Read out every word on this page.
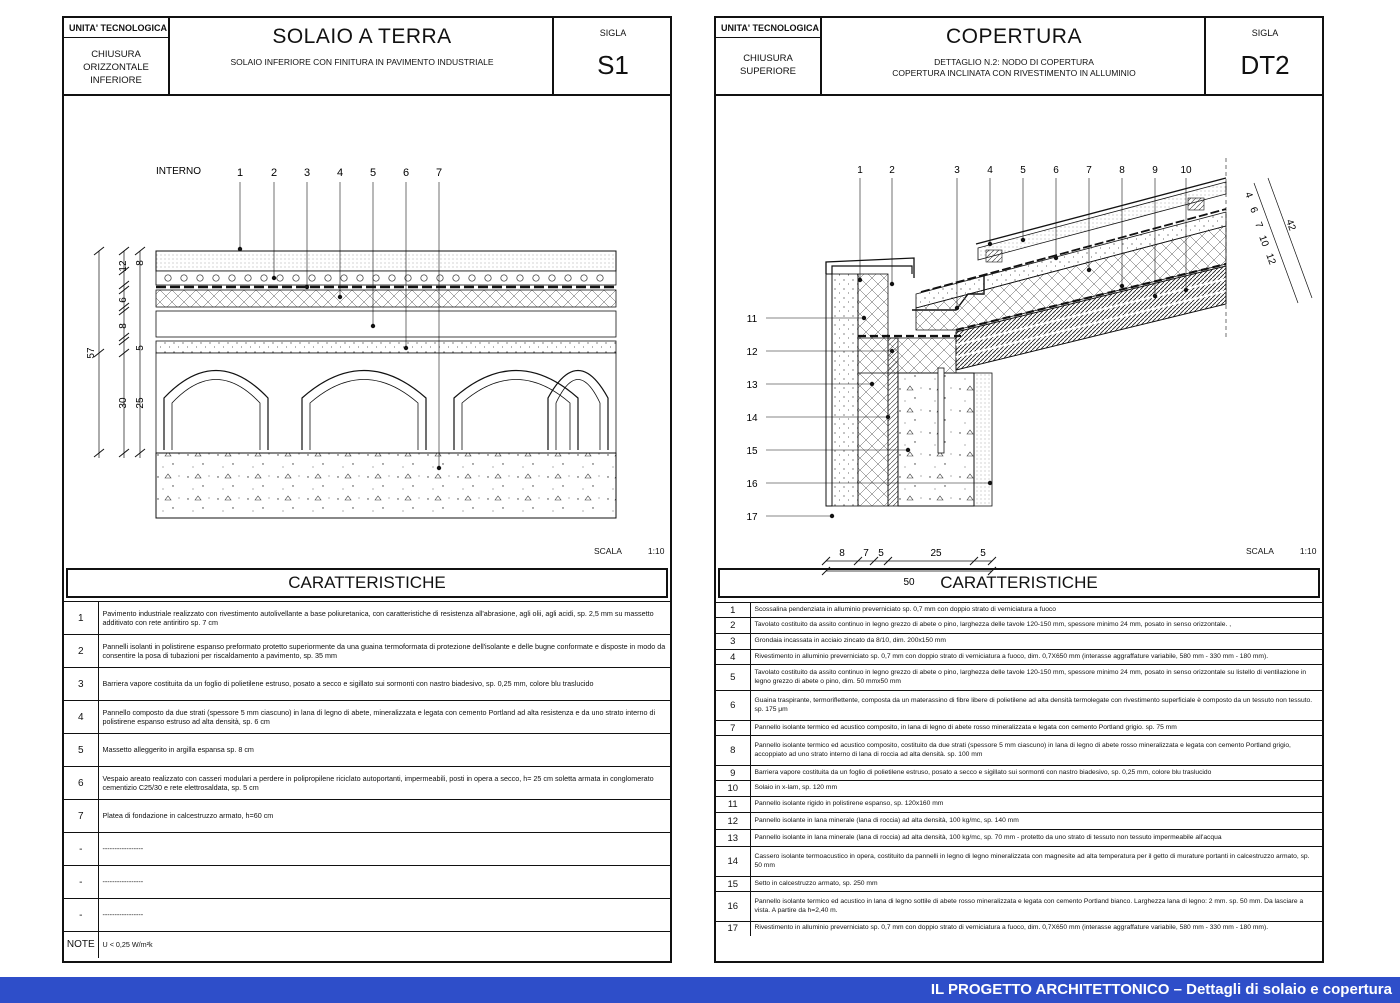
UNITA' TECNOLOGICA
CHIUSURA ORIZZONTALE INFERIORE
SOLAIO A TERRA
SOLAIO INFERIORE CON FINITURA IN PAVIMENTO INDUSTRIALE
SIGLA
S1
12 8
6
8
5
30 25
57
INTERNO	1	2 3 4 5 6 7
SCALA	1:10
CARATTERISTICHE
1	Pavimento industriale realizzato con rivestimento autolivellante a base poliuretanica, con caratteristiche di resistenza all'abrasione, agli olii, agli acidi, sp. 2,5 mm su massetto additivato con rete antiritiro sp. 7 cm
2	Pannelli isolanti in polistirene espanso preformato protetto superiormente da una guaina termoformata di protezione dell'isolante e delle bugne conformate e disposte in modo da consentire la posa di tubazioni per riscaldamento a pavimento, sp. 35 mm
3	Barriera vapore costituita da un foglio di polietilene estruso, posato a secco e sigillato sui sormonti con nastro biadesivo, sp. 0,25 mm, colore blu traslucido
4	Pannello composto da due strati (spessore 5 mm ciascuno) in lana di legno di abete, mineralizzata e legata con cemento Portland ad alta resistenza e da uno strato interno di polistirene espanso estruso ad alta densità, sp. 6 cm
5	Massetto alleggerito in argilla espansa sp. 8 cm
6	Vespaio areato realizzato con casseri modulari a perdere in polipropilene riciclato autoportanti, impermeabili, posti in opera a secco, h= 25 cm soletta armata in conglomerato cementizio C25/30 e rete elettrosaldata, sp. 5 cm
7	Platea di fondazione in calcestruzzo armato, h=60 cm
-	-----------------
-	-----------------
-	-----------------
NOTE	U < 0,25 W/m²k
UNITA' TECNOLOGICA
CHIUSURA SUPERIORE
COPERTURA
DETTAGLIO N.2: NODO DI COPERTURA
COPERTURA INCLINATA CON RIVESTIMENTO IN ALLUMINIO
SIGLA
DT2
8 7 5	25	5
50
4
6
7
10
12
42
1	2	3	4	5	6	7	8	9 10
11
12
13
14
15
16
17
SCALA	1:10
CARATTERISTICHE
1	Scossalina pendenziata in alluminio preverniciato sp. 0,7 mm con doppio strato di verniciatura a fuoco
2	Tavolato costituito da assito continuo in legno grezzo di abete o pino, larghezza delle tavole 120-150 mm, spessore minimo 24 mm, posato in senso orizzontale. ,
3	Grondaia incassata in acciaio zincato da 8/10, dim. 200x150 mm
4	Rivestimento in alluminio preverniciato sp. 0,7 mm con doppio strato di verniciatura a fuoco, dim. 0,7X650 mm (interasse aggraffature variabile, 580 mm - 330 mm - 180 mm).
5	Tavolato costituito da assito continuo in legno grezzo di abete o pino, larghezza delle tavole 120-150 mm, spessore minimo 24 mm, posato in senso orizzontale su listello di ventilazione in legno grezzo di abete o pino, dim. 50 mmx50 mm
6	Guaina traspirante, termoriflettente, composta da un materassino di fibre libere di polietilene ad alta densità termolegate con rivestimento superficiale è composto da un tessuto non tessuto. sp. 175 μm
7	Pannello isolante termico ed acustico composito, in lana di legno di abete rosso mineralizzata e legata con cemento Portland grigio. sp. 75 mm
8	Pannello isolante termico ed acustico composito, costituito da due strati (spessore 5 mm ciascuno) in lana di legno di abete rosso mineralizzata e legata con cemento Portland grigio, accoppiato ad uno strato interno di lana di roccia ad alta densità. sp. 100 mm
9	Barriera vapore costituita da un foglio di polietilene estruso, posato a secco e sigillato sui sormonti con nastro biadesivo, sp. 0,25 mm, colore blu traslucido
10	Solaio in x-lam, sp. 120 mm
11	Pannello isolante rigido in polistirene espanso, sp. 120x160 mm
12	Pannello isolante in lana minerale (lana di roccia) ad alta densità, 100 kg/mc, sp. 140 mm
13	Pannello isolante in lana minerale (lana di roccia) ad alta densità, 100 kg/mc, sp. 70 mm - protetto da uno strato di tessuto non tessuto impermeabile all'acqua
14	Cassero isolante termoacustico in opera, costituito da pannelli in legno di legno mineralizzata con magnesite ad alta temperatura per il getto di murature portanti in calcestruzzo armato, sp. 50 mm
15	Setto in calcestruzzo armato, sp. 250 mm
16	Pannello isolante termico ed acustico in lana di legno sottile di abete rosso mineralizzata e legata con cemento Portland bianco. Larghezza lana di legno: 2 mm. sp. 50 mm. Da lasciare a vista. A partire da h=2,40 m.
17	Rivestimento in alluminio preverniciato sp. 0,7 mm con doppio strato di verniciatura a fuoco, dim. 0,7X650 mm (interasse aggraffature variabile, 580 mm - 330 mm - 180 mm).
IL PROGETTO ARCHITETTONICO – Dettagli di solaio e copertura
